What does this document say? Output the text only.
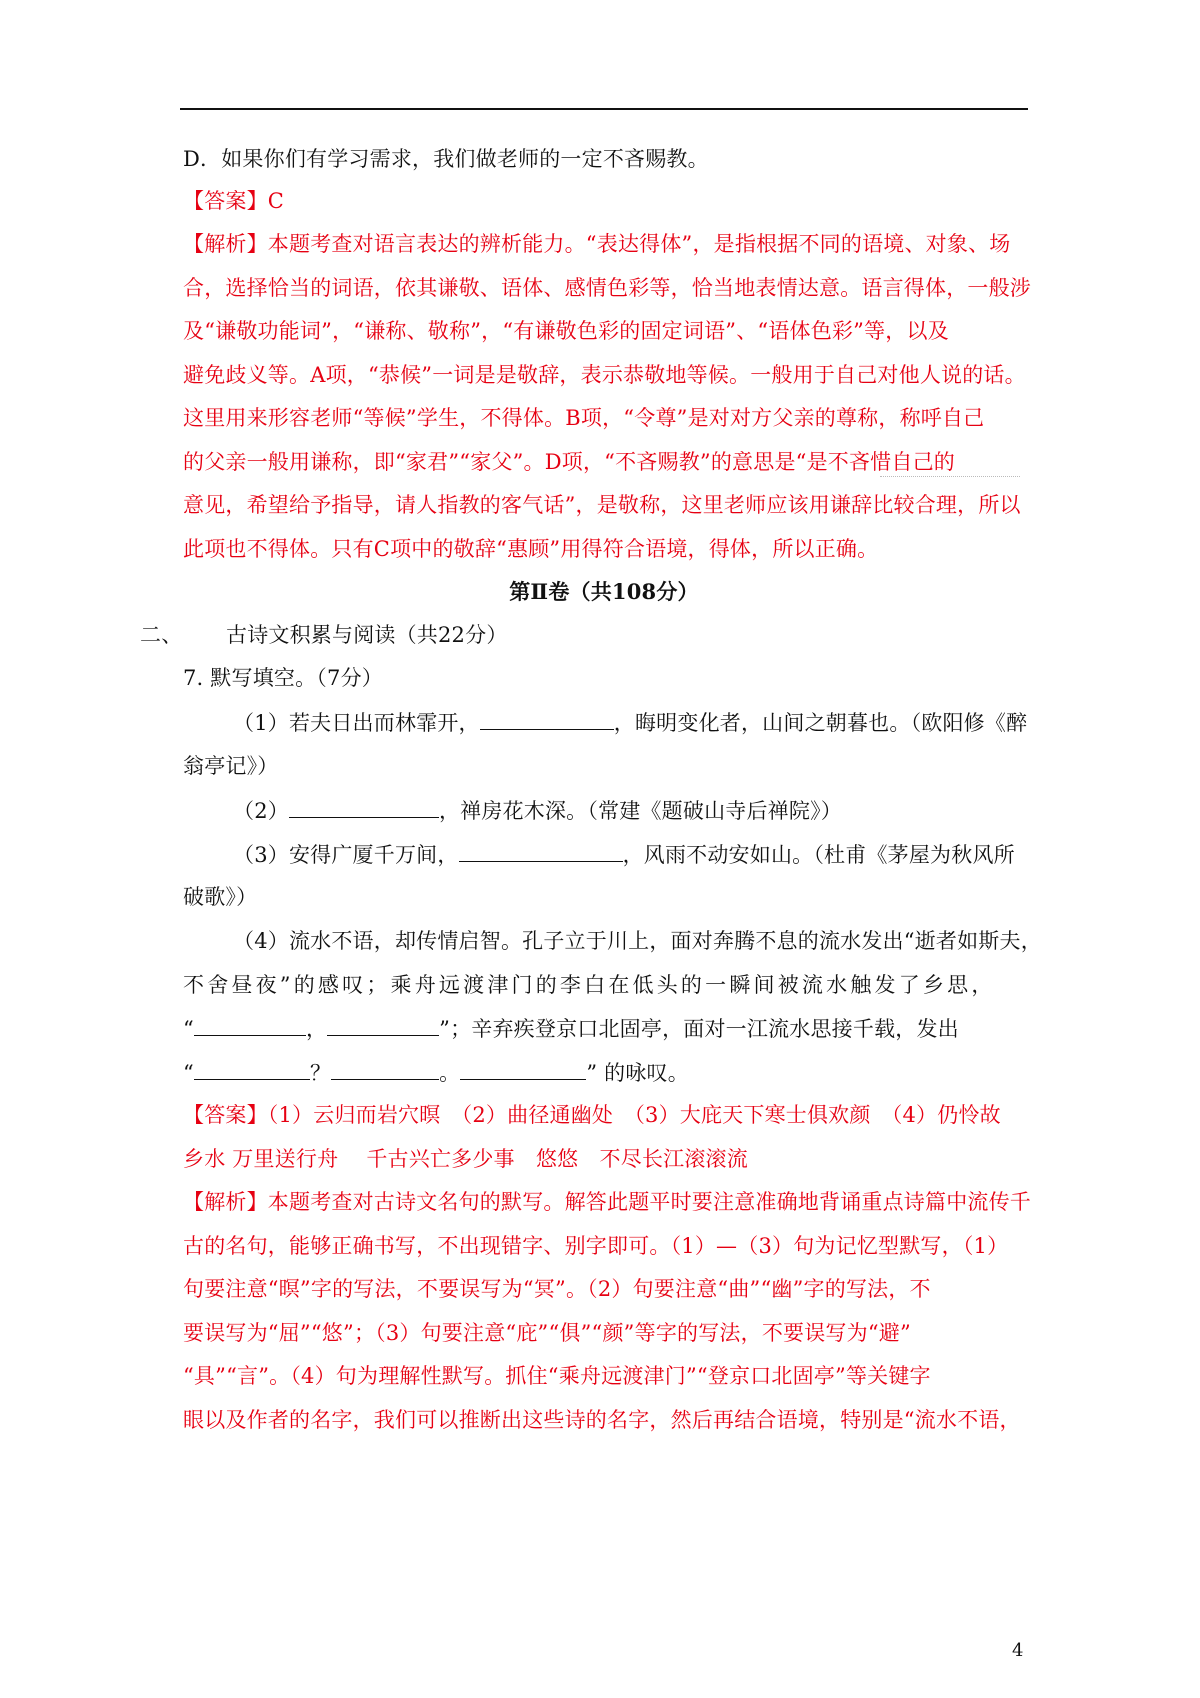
D．如果你们有学习需求，我们做老师的一定不吝赐教。
【答案】C
【解析】本题考查对语言表达的辨析能力。“表达得体”，是指根据不同的语境、对象、场
合，选择恰当的词语，依其谦敬、语体、感情色彩等，恰当地表情达意。语言得体，一般涉
及“谦敬功能词”，“谦称、敬称”，“有谦敬色彩的固定词语”、“语体色彩”等，以及
避免歧义等。A项，“恭候”一词是是敬辞，表示恭敬地等候。一般用于自己对他人说的话。
这里用来形容老师“等候”学生，不得体。B项，“令尊”是对对方父亲的尊称，称呼自己
的父亲一般用谦称，即“家君”“家父”。D项，“不吝赐教”的意思是“是不吝惜自己的
意见，希望给予指导，请人指教的客气话”，是敬称，这里老师应该用谦辞比较合理，所以
此项也不得体。只有C项中的敬辞“惠顾”用得符合语境，得体，所以正确。
第Ⅱ卷（共108分）
二、	古诗文积累与阅读（共22分）
7. 默写填空。（7分）
（1）若夫日出而林霏开，	，晦明变化者，山间之朝暮也。（欧阳修《醉
翁亭记》）
（2）	，禅房花木深。（常建《题破山寺后禅院》）
（3）安得广厦千万间，	，风雨不动安如山。（杜甫《茅屋为秋风所
破歌》）
（4）流水不语，却传情启智。孔子立于川上，面对奔腾不息的流水发出“逝者如斯夫，
不舍昼夜”的感叹；乘舟远渡津门的李白在低头的一瞬间被流水触发了乡思，
“	，	”；辛弃疾登京口北固亭，面对一江流水思接千载，发出
“	？	。	” 的咏叹。
【答案】（1）云归而岩穴暝　（2）曲径通幽处　（3）大庇天下寒士俱欢颜　（4）仍怜故
乡水 万里送行舟　 千古兴亡多少事　悠悠　不尽长江滚滚流
【解析】本题考查对古诗文名句的默写。解答此题平时要注意准确地背诵重点诗篇中流传千
古的名句，能够正确书写，不出现错字、别字即可。（1）—（3）句为记忆型默写，（1）
句要注意“暝”字的写法，不要误写为“冥”。（2）句要注意“曲”“幽”字的写法，不
要误写为“屈”“悠”；（3）句要注意“庇”“俱”“颜”等字的写法，不要误写为“避”
“具”“言”。（4）句为理解性默写。抓住“乘舟远渡津门”“登京口北固亭”等关键字
眼以及作者的名字，我们可以推断出这些诗的名字，然后再结合语境，特别是“流水不语，
4
